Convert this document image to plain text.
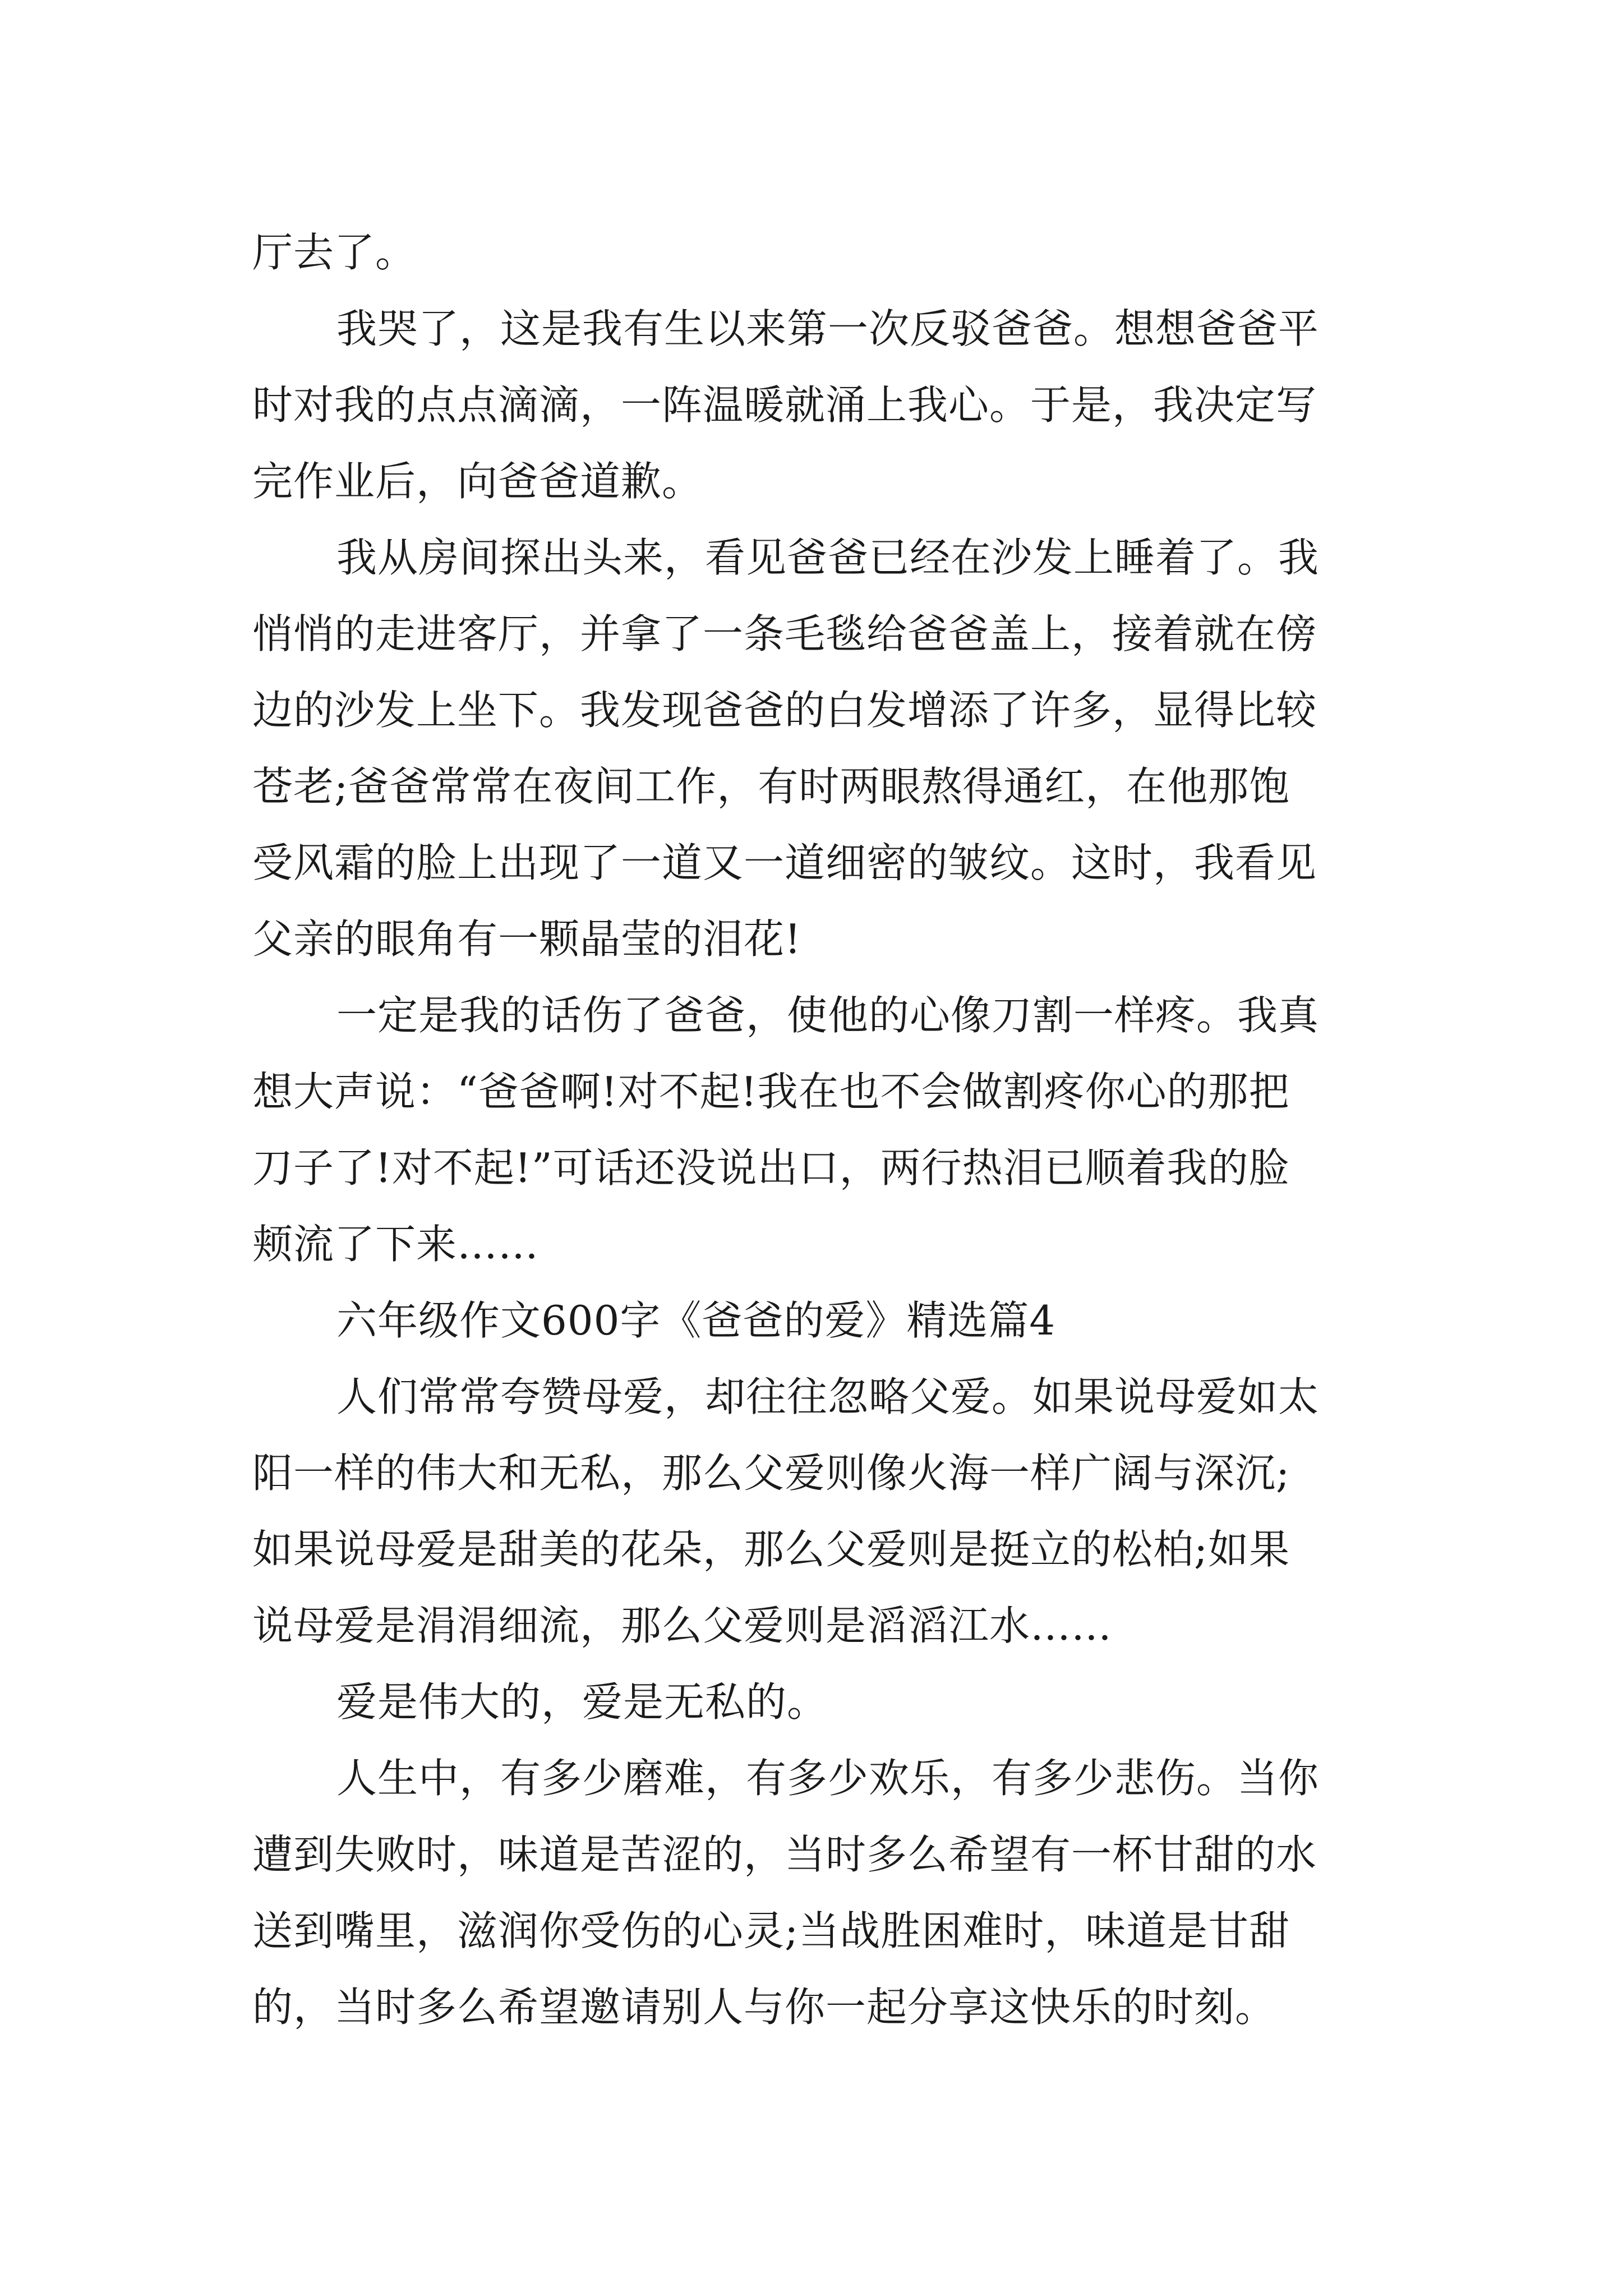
厅去了。
我哭了，这是我有生以来第一次反驳爸爸。想想爸爸平
时对我的点点滴滴，一阵温暖就涌上我心。于是，我决定写
完作业后，向爸爸道歉。
我从房间探出头来，看见爸爸已经在沙发上睡着了。我
悄悄的走进客厅，并拿了一条毛毯给爸爸盖上，接着就在傍
边的沙发上坐下。我发现爸爸的白发增添了许多，显得比较
苍老;爸爸常常在夜间工作，有时两眼熬得通红，在他那饱
受风霜的脸上出现了一道又一道细密的皱纹。这时，我看见
父亲的眼角有一颗晶莹的泪花!
一定是我的话伤了爸爸，使他的心像刀割一样疼。我真
想大声说：“爸爸啊!对不起!我在也不会做割疼你心的那把
刀子了!对不起!”可话还没说出口，两行热泪已顺着我的脸
颊流了下来……
六年级作文600字《爸爸的爱》精选篇4
人们常常夸赞母爱，却往往忽略父爱。如果说母爱如太
阳一样的伟大和无私，那么父爱则像火海一样广阔与深沉;
如果说母爱是甜美的花朵，那么父爱则是挺立的松柏;如果
说母爱是涓涓细流，那么父爱则是滔滔江水……
爱是伟大的，爱是无私的。
人生中，有多少磨难，有多少欢乐，有多少悲伤。当你
遭到失败时，味道是苦涩的，当时多么希望有一杯甘甜的水
送到嘴里，滋润你受伤的心灵;当战胜困难时，味道是甘甜
的，当时多么希望邀请别人与你一起分享这快乐的时刻。
